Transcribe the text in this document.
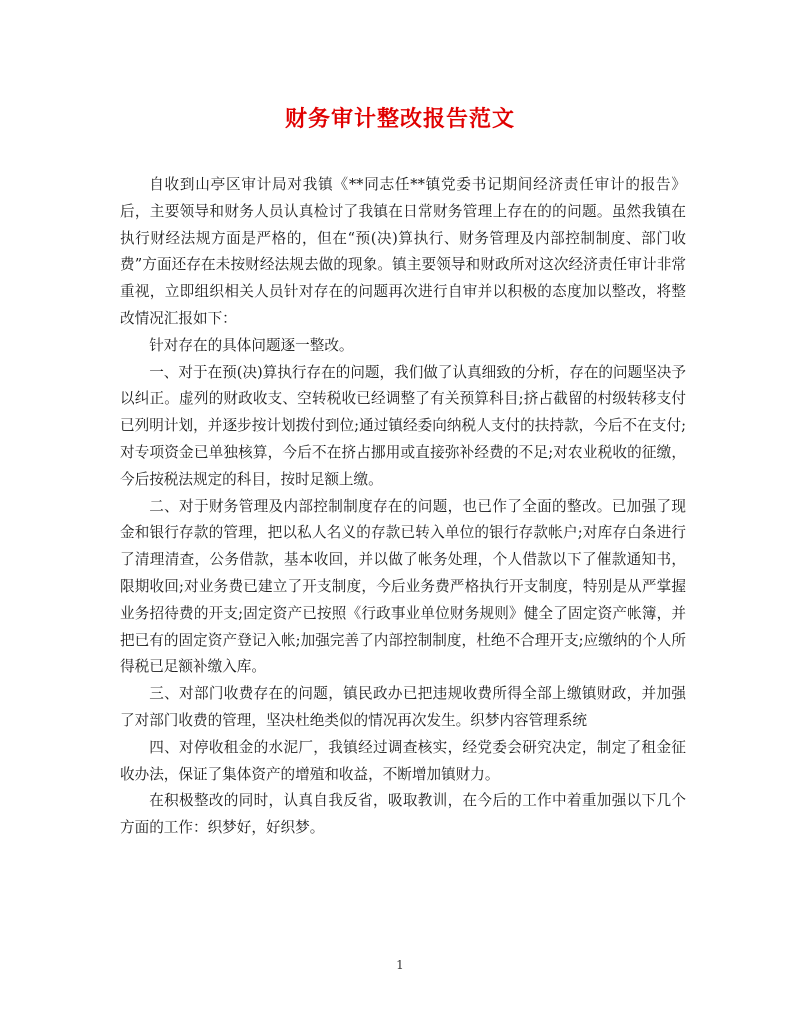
财务审计整改报告范文

自收到山亭区审计局对我镇《**同志任**镇党委书记期间经济责任审计的报告》后，主要领导和财务人员认真检讨了我镇在日常财务管理上存在的的问题。虽然我镇在执行财经法规方面是严格的，但在“预(决)算执行、财务管理及内部控制制度、部门收费”方面还存在未按财经法规去做的现象。镇主要领导和财政所对这次经济责任审计非常重视，立即组织相关人员针对存在的问题再次进行自审并以积极的态度加以整改，将整改情况汇报如下：

针对存在的具体问题逐一整改。

一、对于在预(决)算执行存在的问题，我们做了认真细致的分析，存在的问题坚决予以纠正。虚列的财政收支、空转税收已经调整了有关预算科目;挤占截留的村级转移支付已列明计划，并逐步按计划拨付到位;通过镇经委向纳税人支付的扶持款，今后不在支付;对专项资金已单独核算，今后不在挤占挪用或直接弥补经费的不足;对农业税收的征缴，今后按税法规定的科目，按时足额上缴。

二、对于财务管理及内部控制制度存在的问题，也已作了全面的整改。已加强了现金和银行存款的管理，把以私人名义的存款已转入单位的银行存款帐户;对库存白条进行了清理清查，公务借款，基本收回，并以做了帐务处理，个人借款以下了催款通知书，限期收回;对业务费已建立了开支制度，今后业务费严格执行开支制度，特别是从严掌握业务招待费的开支;固定资产已按照《行政事业单位财务规则》健全了固定资产帐簿，并把已有的固定资产登记入帐;加强完善了内部控制制度，杜绝不合理开支;应缴纳的个人所得税已足额补缴入库。

三、对部门收费存在的问题，镇民政办已把违规收费所得全部上缴镇财政，并加强了对部门收费的管理，坚决杜绝类似的情况再次发生。织梦内容管理系统

四、对停收租金的水泥厂，我镇经过调查核实，经党委会研究决定，制定了租金征收办法，保证了集体资产的增殖和收益，不断增加镇财力。

在积极整改的同时，认真自我反省，吸取教训，在今后的工作中着重加强以下几个方面的工作：织梦好，好织梦。

1
